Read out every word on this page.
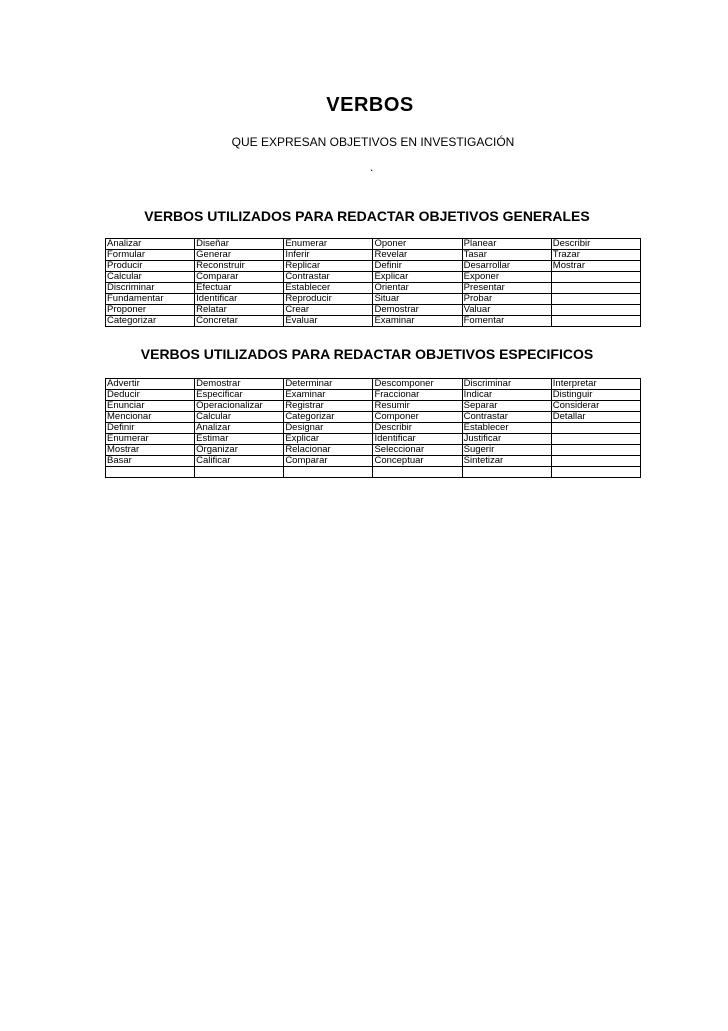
VERBOS
QUE EXPRESAN OBJETIVOS EN INVESTIGACIÓN
.
VERBOS UTILIZADOS PARA REDACTAR OBJETIVOS GENERALES
Analizar	Diseñar	Enumerar	Oponer	Planear	Describir
Formular	Generar	Inferir	Revelar	Tasar	Trazar
Producir	Reconstruir	Replicar	Definir	Desarrollar	Mostrar
Calcular	Comparar	Contrastar	Explicar	Exponer	
Discriminar	Efectuar	Establecer	Orientar	Presentar	
Fundamentar	Identificar	Reproducir	Situar	Probar	
Proponer	Relatar	Crear	Demostrar	Valuar	
Categorizar	Concretar	Evaluar	Examinar	Fomentar	
VERBOS UTILIZADOS PARA REDACTAR OBJETIVOS ESPECIFICOS
Advertir	Demostrar	Determinar	Descomponer	Discriminar	Interpretar
Deducir	Especificar	Examinar	Fraccionar	Indicar	Distinguir
Enunciar	Operacionalizar	Registrar	Resumir	Separar	Considerar
Mencionar	Calcular	Categorizar	Componer	Contrastar	Detallar
Definir	Analizar	Designar	Describir	Establecer	
Enumerar	Estimar	Explicar	Identificar	Justificar	
Mostrar	Organizar	Relacionar	Seleccionar	Sugerir	
Basar	Calificar	Comparar	Conceptuar	Sintetizar	
